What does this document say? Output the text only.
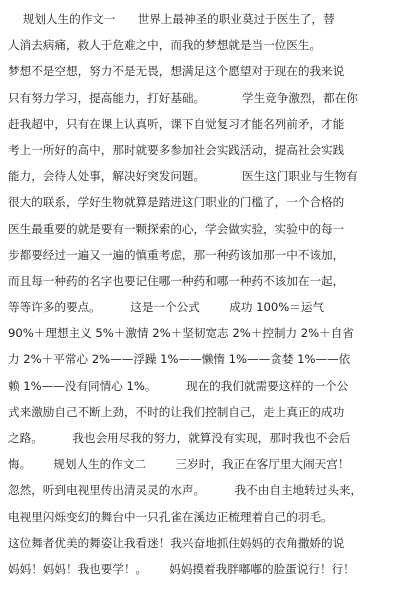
规划人生的作文一      世界上最神圣的职业莫过于医生了，替
人消去病痛，救人于危难之中，而我的梦想就是当一位医生。
梦想不是空想，努力不是无畏，想满足这个愿望对于现在的我来说
只有努力学习，提高能力，打好基础。          学生竞争激烈，都在你
赶我超中，只有在课上认真听，课下自觉复习才能名列前矛，才能
考上一所好的高中，那时就要多参加社会实践活动，提高社会实践
能力，会待人处事，解决好突发问题。          医生这门职业与生物有
很大的联系，学好生物就算是踏进这门职业的门槛了，一个合格的
医生最重要的就是要有一颗探索的心，学会做实验，实验中的每一
步都要经过一遍又一遍的慎重考虑，那一种药该加那一中不该加，
而且每一种药的名字也要记住哪一种药和哪一种药不该加在一起，
等等许多的要点。        这是一个公式        成功 100%＝运气
90%＋理想主义 5%＋激情 2%＋坚韧宽志 2%＋控制力 2%＋自省
力 2%＋平常心 2%——浮躁 1%——懒惰 1%——贪婪 1%——依
赖 1%——没有同情心 1%。        现在的我们就需要这样的一个公
式来激励自己不断上劲，不时的让我们控制自己，走上真正的成功
之路。        我也会用尽我的努力，就算没有实现，那时我也不会后
悔。      规划人生的作文二        三岁时，我正在客厅里大闹天宫！
忽然，听到电视里传出清灵灵的水声。        我不由自主地转过头来，
电视里闪烁变幻的舞台中一只孔雀在溪边正梳理着自己的羽毛。
这位舞者优美的舞姿让我看迷！我兴奋地抓住妈妈的衣角撒娇的说
妈妈！妈妈！我也要学！。      妈妈摸着我胖嘟嘟的脸蛋说行！行！
